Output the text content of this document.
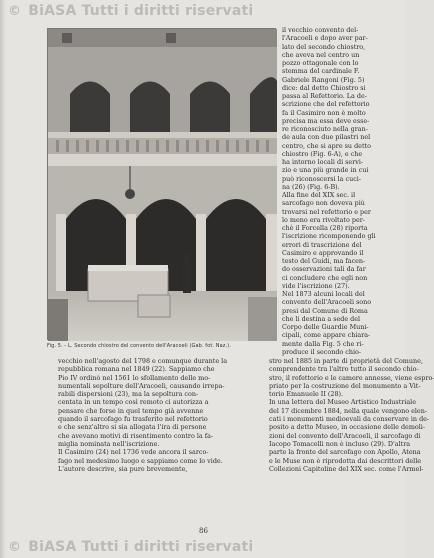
© BiASA Tutti i diritti riservati
Fig. 5. - L. Secondo chiostro del convento dell'Aracoeli (Gab. fot. Naz.).
il vecchio convento del-
l'Aracoeli e dopo aver par-
lato del secondo chiostro,
che aveva nel centro un
pozzo ottagonale con lo
stemma del cardinale F.
Gabriele Rangoni (Fig. 5)
dice: dal detto Chiostro si
passa al Refettorio. La de-
scrizione che del refettorio
fa il Casimiro non è molto
precisa ma essa deve esse-
re riconosciuto nella gran-
de aula con due pilastri nel
centro, che si apre su detto
chiostro (Fig. 6-A), e che
ha intorno locali di servi-
zio e una più grande in cui
può riconoscersi la cuci-
na (26) (Fig. 6-B).
Alla fine del XIX sec. il
sarcofago non doveva più
trovarsi nel refettorio e per
lo meno era rivoltato per-
chè il Forcella (28) riporta
l'iscrizione ricomponendo gli
errori di trascrizione del
Casimiro e approvando il
testo del Guidi, ma facen-
do osservazioni tali da far
ci concludere che egli non
vide l'iscrizione (27).
Nel 1873 alcuni locali del
convento dell'Aracoeli sono
presi dal Comune di Roma
che li destina a sede del
Corpo delle Guardie Muni-
cipali, come appare chiara-
mente dalla Fig. 5 che ri-
produce il secondo chio-
vecchio nell'agosto del 1798 e comunque durante la
repubblica romana nel 1849 (22). Sappiamo che
Pio IV ordinò nel 1561 lo sfollamento delle mo-
numentali sepolture dell'Aracoeli, causando irrepa-
rabili dispersioni (23), ma la sepoltura con-
centata in un tempo così remoto ci autorizza a
pensare che forse in quel tempo già avvenne
quando il sarcofago fu trasferito nel refettorio
e che senz'altro si sia allogata l'ira di persone
che avevano motivi di risentimento contro la fa-
miglia nominata nell'iscrizione.
Il Casimiro (24) nel 1736 vede ancora il sarco-
fago nel medesimo luogo e sappiamo come lo vide.
L'autore descrive, sia pure brevemente,
stro nel 1885 in parte di proprietà del Comune,
comprendente tra l'altro tutto il secondo chio-
stro, il refettorio e le camere annesse, viene espro-
priato per la costruzione del monumento a Vit-
torio Emanuele II (28).
In una lettera del Museo Artistico Industriale
del 17 dicembre 1884, nella quale vengono elen-
cati i monumenti medioevali da conservare in de-
posito a detto Museo, in occasione delle demoli-
zioni del convento dell'Aracoeli, il sarcofago di
Iacopo Tomacelli non è incluso (29). D'altra
parte la fronte del sarcofago con Apollo, Atena
e le Muse non è riprodotta dai descrittori delle
Collezioni Capitoline del XIX sec. come l'Armel-
86
© BiASA Tutti i diritti riservati
